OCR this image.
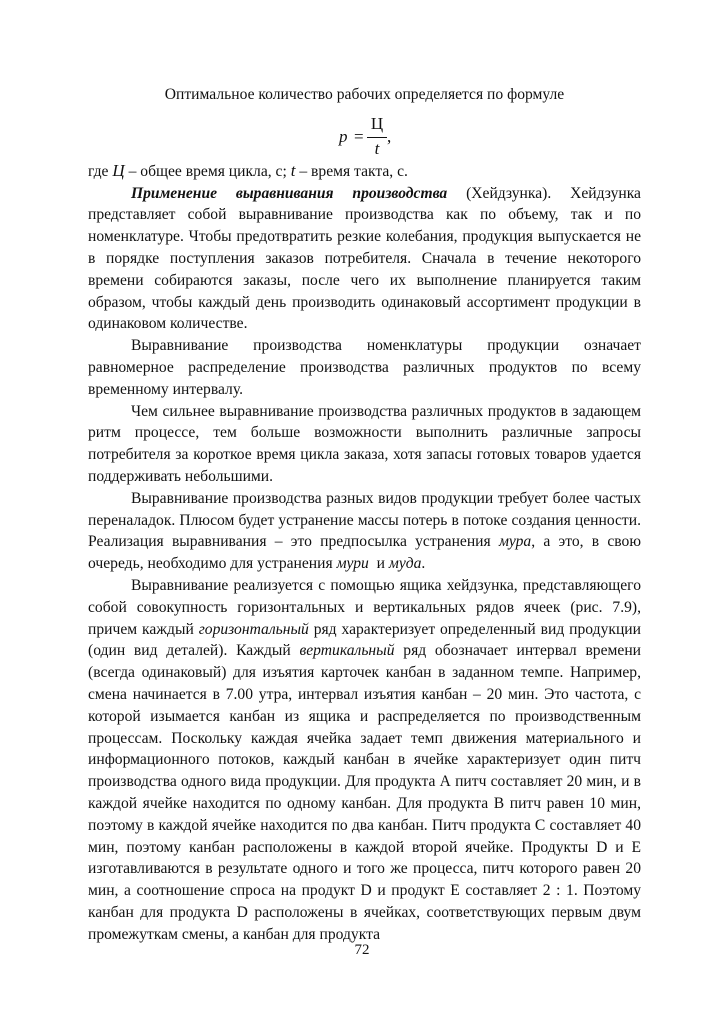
Оптимальное количество рабочих определяется по формуле

p =
Ц
t
,

где Ц – общее время цикла, с; t – время такта, с.

Применение выравнивания производства (Хейдзунка). Хейдзунка представляет собой выравнивание производства как по объему, так и по номенклатуре. Чтобы предотвратить резкие колебания, продукция выпускается не в порядке поступления заказов потребителя. Сначала в течение некоторого времени собираются заказы, после чего их выполнение планируется таким образом, чтобы каждый день производить одинаковый ассортимент продукции в одинаковом количестве.

Выравнивание производства номенклатуры продукции означает равномерное распределение производства различных продуктов по всему временному интервалу.

Чем сильнее выравнивание производства различных продуктов в задающем ритм процессе, тем больше возможности выполнить различные запросы потребителя за короткое время цикла заказа, хотя запасы готовых товаров удается поддерживать небольшими.

Выравнивание производства разных видов продукции требует более частых переналадок. Плюсом будет устранение массы потерь в потоке создания ценности. Реализация выравнивания – это предпосылка устранения мура, а это, в свою очередь, необходимо для устранения мури и муда.

Выравнивание реализуется с помощью ящика хейдзунка, представляющего собой совокупность горизонтальных и вертикальных рядов ячеек (рис. 7.9), причем каждый горизонтальный ряд характеризует определенный вид продукции (один вид деталей). Каждый вертикальный ряд обозначает интервал времени (всегда одинаковый) для изъятия карточек канбан в заданном темпе. Например, смена начинается в 7.00 утра, интервал изъятия канбан – 20 мин. Это частота, с которой изымается канбан из ящика и распределяется по производственным процессам. Поскольку каждая ячейка задает темп движения материального и информационного потоков, каждый канбан в ячейке характеризует один питч производства одного вида продукции. Для продукта А питч составляет 20 мин, и в каждой ячейке находится по одному канбан. Для продукта В питч равен 10 мин, поэтому в каждой ячейке находится по два канбан. Питч продукта С составляет 40 мин, поэтому канбан расположены в каждой второй ячейке. Продукты D и E изготавливаются в результате одного и того же процесса, питч которого равен 20 мин, а соотношение спроса на продукт D и продукт E составляет 2 : 1. Поэтому канбан для продукта D расположены в ячейках, соответствующих первым двум промежуткам смены, а канбан для продукта

72
